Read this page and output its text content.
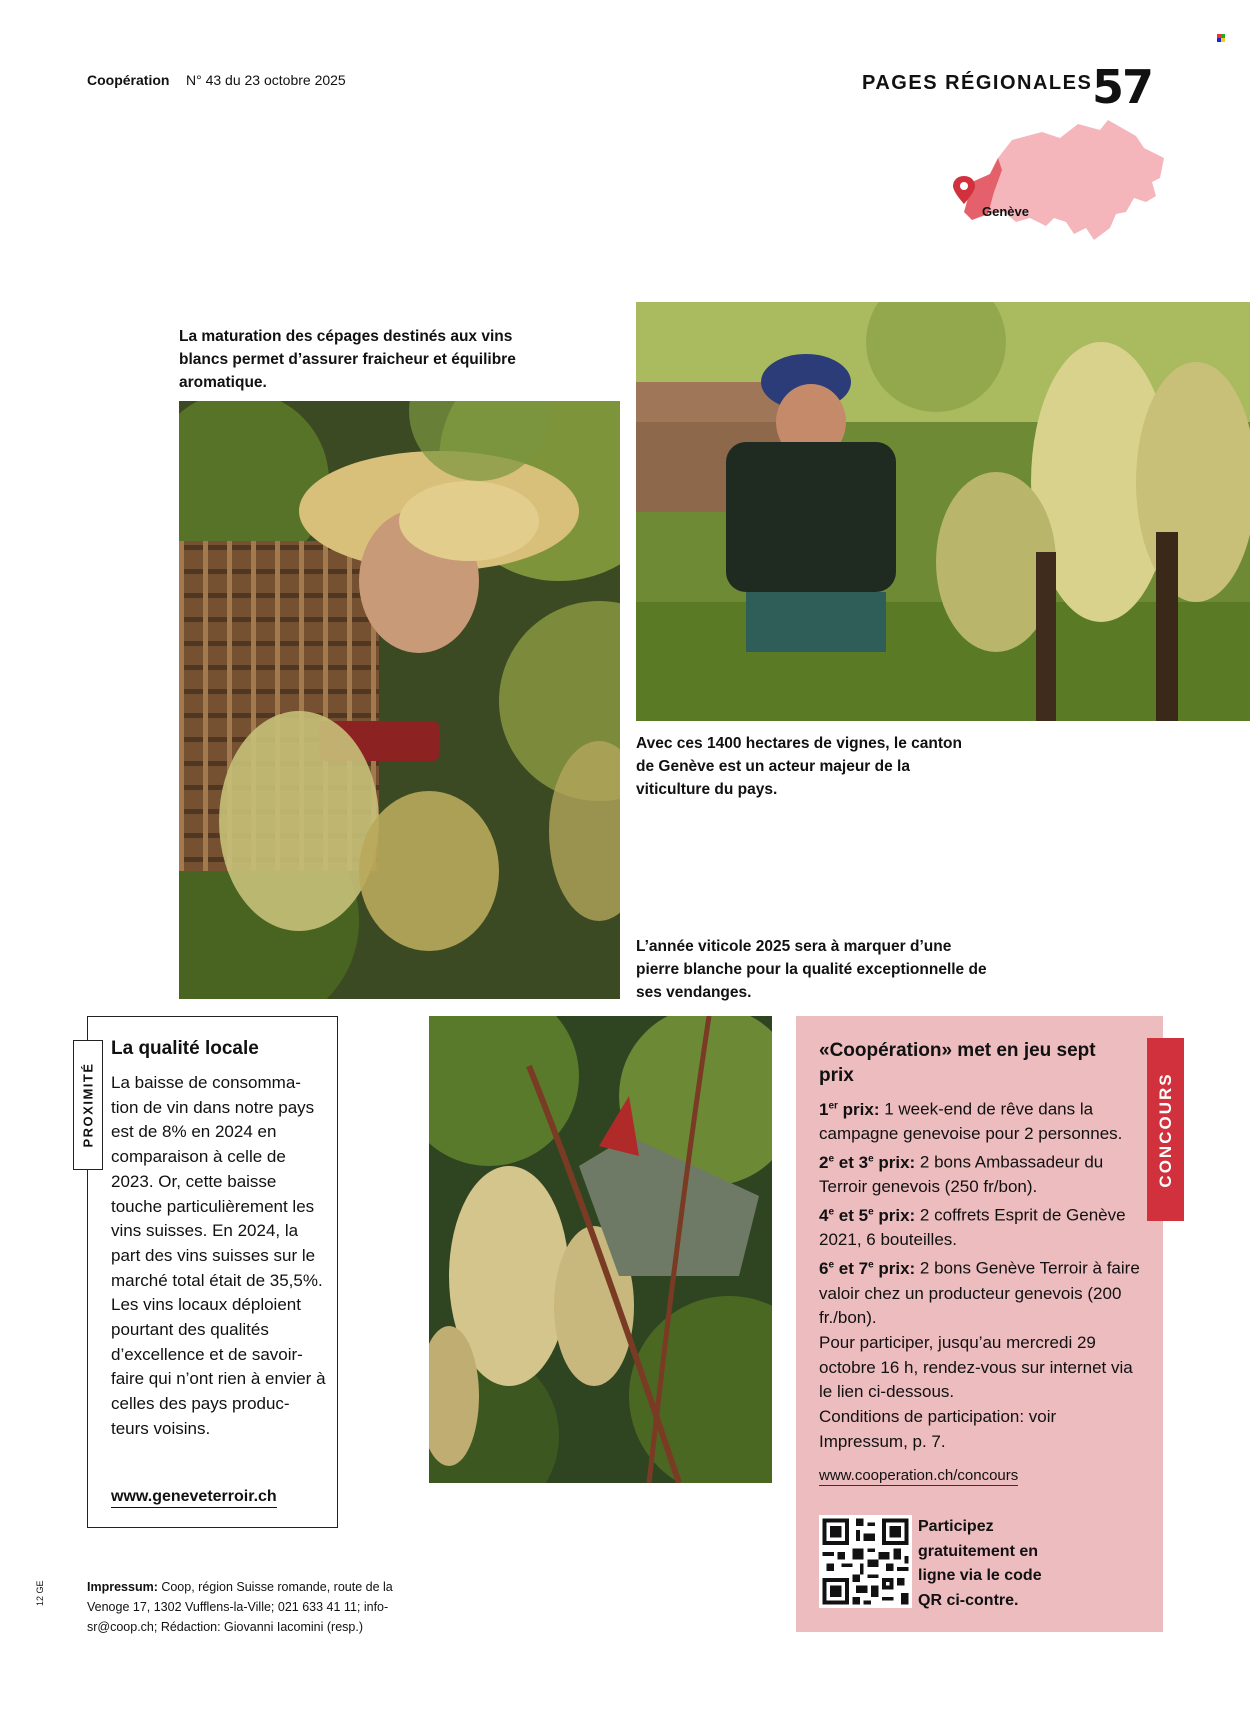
Coopération N° 43 du 23 octobre 2025	PAGES RÉGIONALES 57
Genève
La maturation des cépages destinés aux vins blancs permet d’assurer fraicheur et équilibre aromatique.
Avec ces 1400 hectares de vignes, le canton de Genève est un acteur majeur de la viticulture du pays.
L’année viticole 2025 sera à marquer d’une pierre blanche pour la qualité exceptionnelle de ses vendanges.
PROXIMITÉ
La qualité locale
La baisse de consomma-tion de vin dans notre pays est de 8% en 2024 en comparaison à celle de 2023. Or, cette baisse touche particulièrement les vins suisses. En 2024, la part des vins suisses sur le marché total était de 35,5%. Les vins locaux déploient pourtant des qualités d’excellence et de savoir-faire qui n’ont rien à envier à celles des pays produc-teurs voisins.
www.geneveterroir.ch
CONCOURS
«Coopération» met en jeu sept prix

1er prix: 1 week-end de rêve dans la campagne genevoise pour 2 personnes.

2e et 3e prix: 2 bons Ambassadeur du Terroir genevois (250 fr/bon).

4e et 5e prix: 2 coffrets Esprit de Genève 2021, 6 bouteilles.

6e et 7e prix: 2 bons Genève Terroir à faire valoir chez un producteur genevois (200 fr./bon).

Pour participer, jusqu’au mercredi 29 octobre 16 h, rendez-vous sur internet via le lien ci-dessous.

Conditions de participation: voir Impressum, p. 7.

www.cooperation.ch/concours
Participez gratuitement en ligne via le code QR ci-contre.
Impressum: Coop, région Suisse romande, route de la Venoge 17, 1302 Vufflens-la-Ville; 021 633 41 11; info-sr@coop.ch; Rédaction: Giovanni Iacomini (resp.)
12 GE
